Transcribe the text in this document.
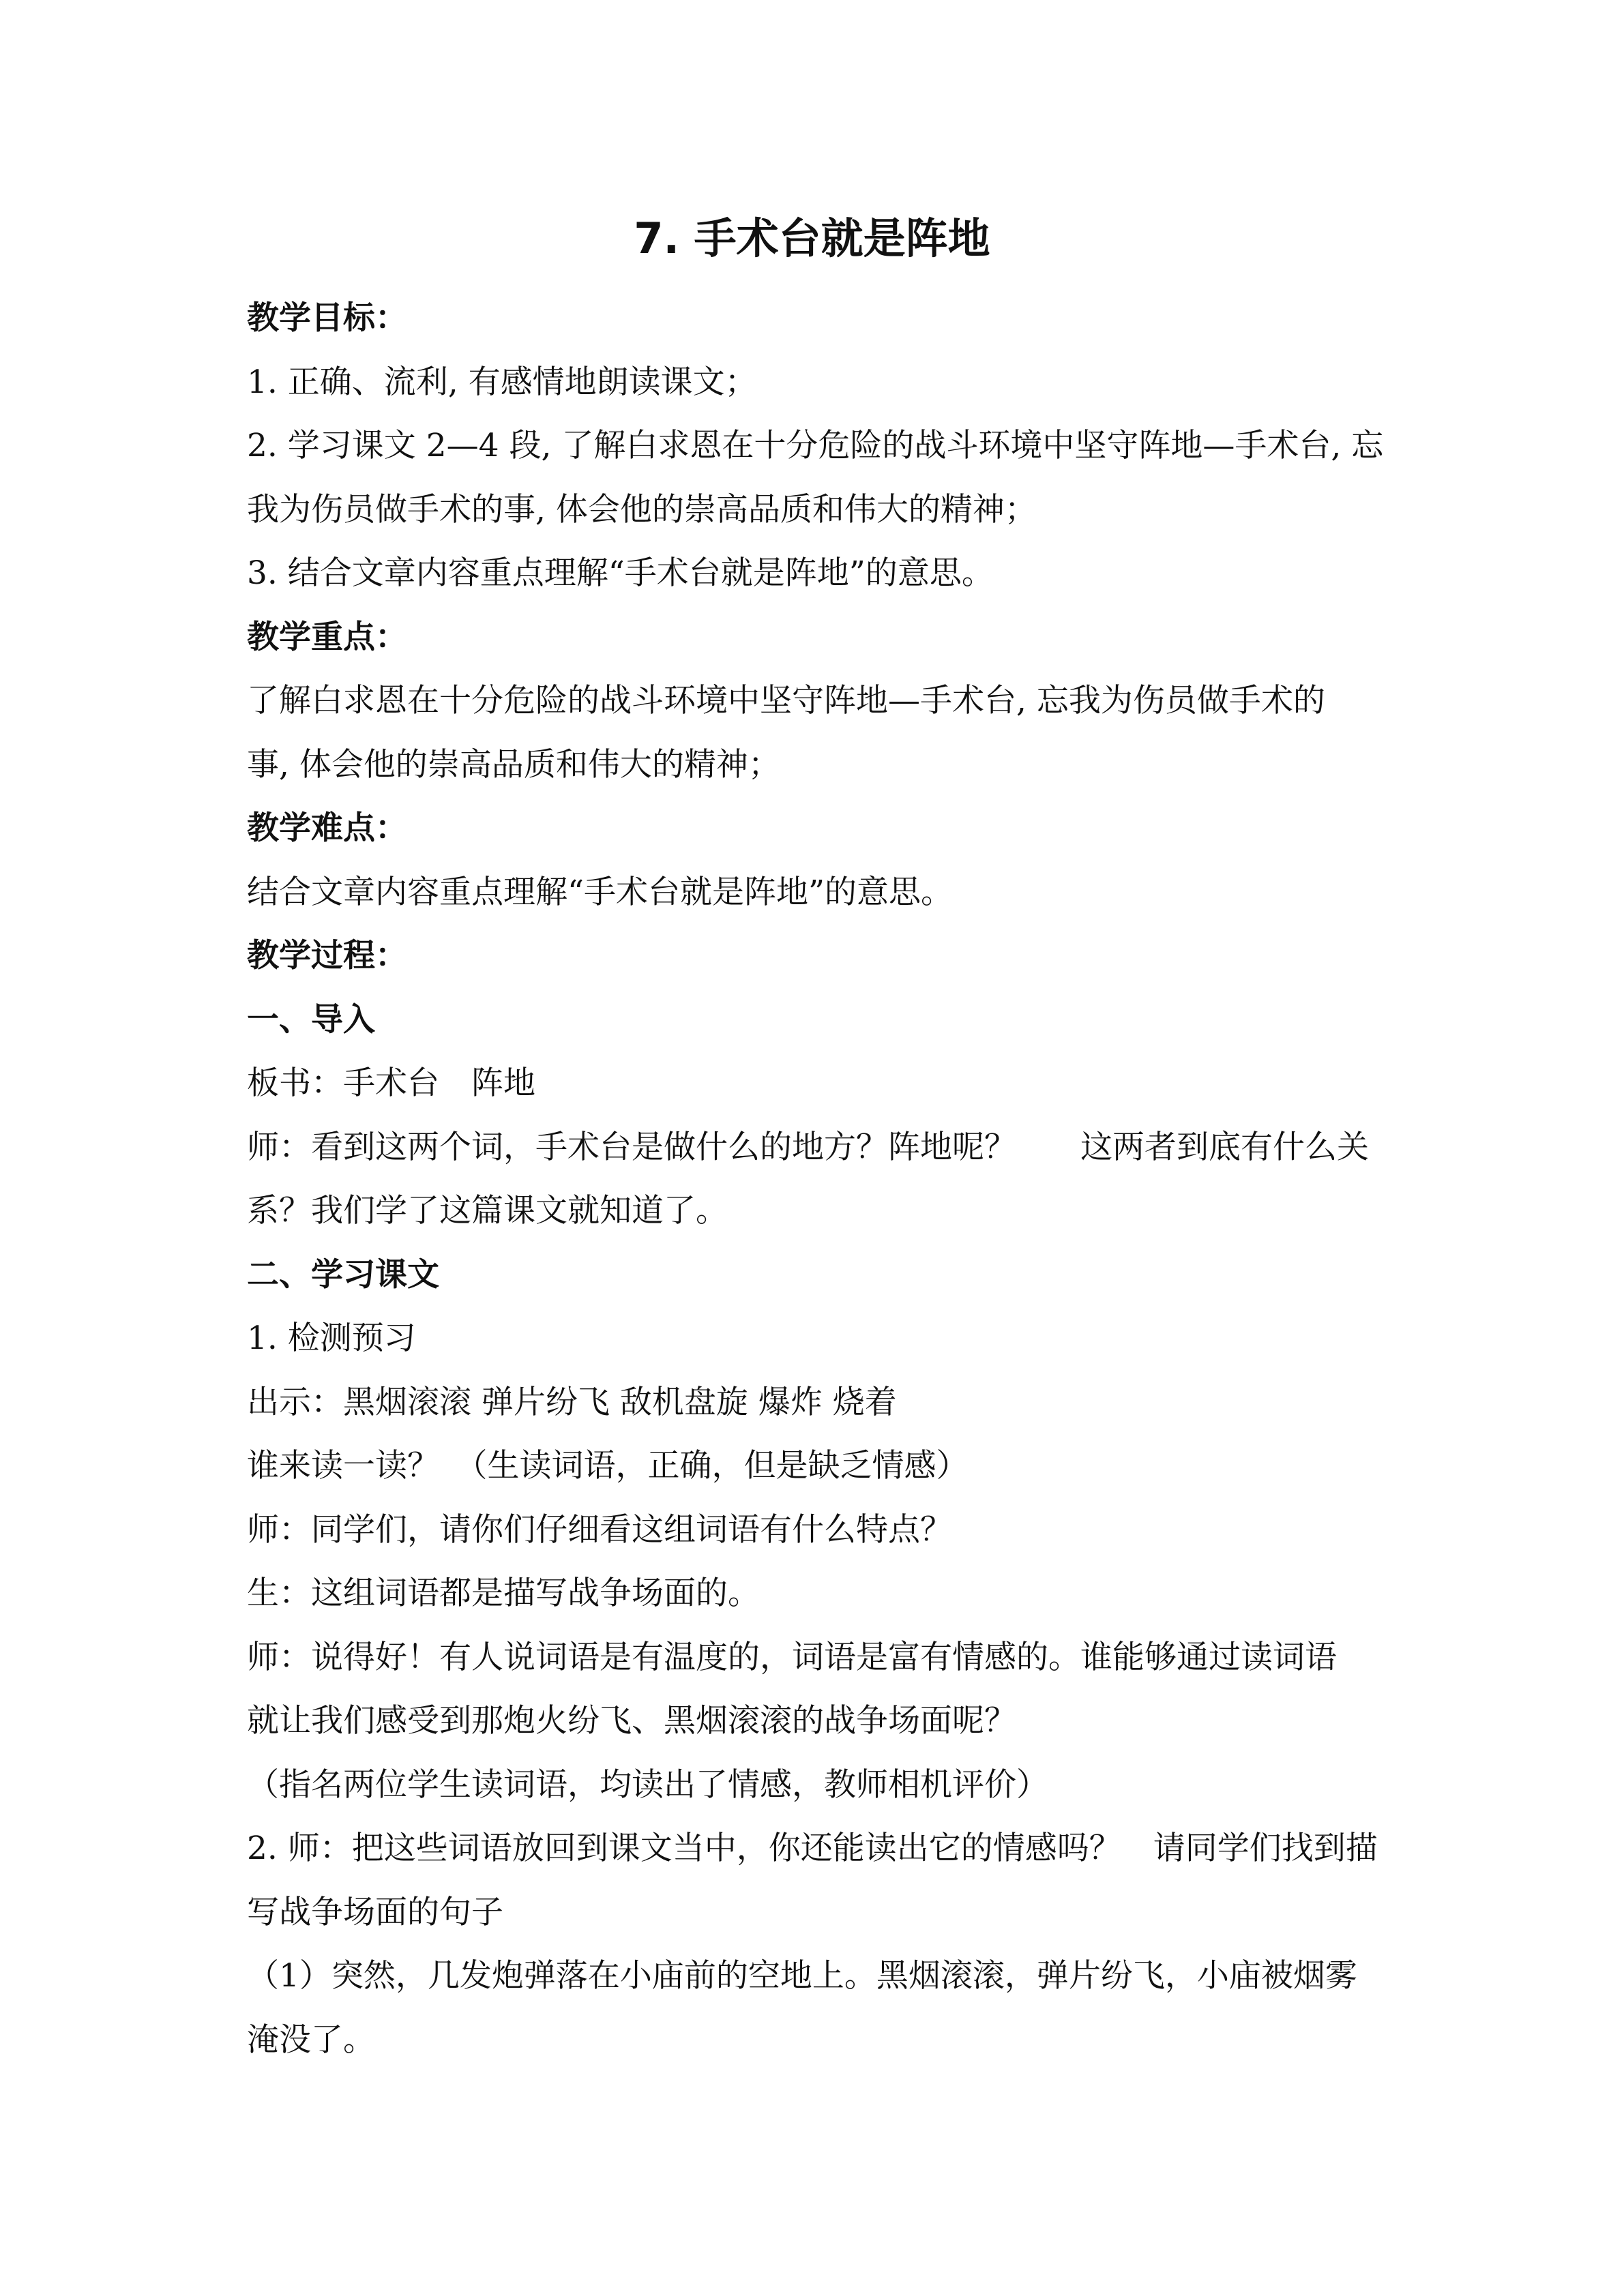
7. 手术台就是阵地

教学目标：

1. 正确、流利, 有感情地朗读课文；

2. 学习课文 2—4 段, 了解白求恩在十分危险的战斗环境中坚守阵地—手术台, 忘

我为伤员做手术的事, 体会他的崇高品质和伟大的精神；

3. 结合文章内容重点理解“手术台就是阵地”的意思。

教学重点：

了解白求恩在十分危险的战斗环境中坚守阵地—手术台, 忘我为伤员做手术的

事, 体会他的崇高品质和伟大的精神；

教学难点：

结合文章内容重点理解“手术台就是阵地”的意思。

教学过程：

一、导入

板书：手术台　阵地

师：看到这两个词，手术台是做什么的地方？阵地呢？　　这两者到底有什么关

系？我们学了这篇课文就知道了。

二、学习课文

1. 检测预习

出示：黑烟滚滚 弹片纷飞 敌机盘旋 爆炸 烧着

谁来读一读？　（生读词语，正确，但是缺乏情感）

师：同学们，请你们仔细看这组词语有什么特点？

生：这组词语都是描写战争场面的。

师：说得好！有人说词语是有温度的，词语是富有情感的。谁能够通过读词语

就让我们感受到那炮火纷飞、黑烟滚滚的战争场面呢？

（指名两位学生读词语，均读出了情感，教师相机评价）

2. 师：把这些词语放回到课文当中，你还能读出它的情感吗？　请同学们找到描

写战争场面的句子

（1）突然，几发炮弹落在小庙前的空地上。黑烟滚滚，弹片纷飞，小庙被烟雾

淹没了。
